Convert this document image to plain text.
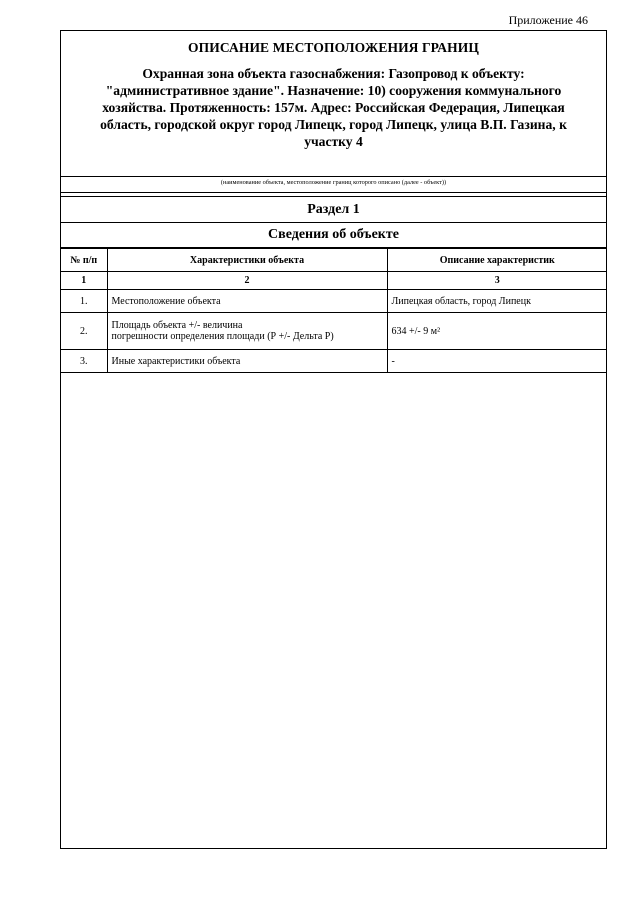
Приложение 46
ОПИСАНИЕ МЕСТОПОЛОЖЕНИЯ ГРАНИЦ
Охранная зона объекта газоснабжения: Газопровод к объекту:
"административное здание". Назначение: 10) сооружения коммунального
хозяйства. Протяженность: 157м. Адрес: Российская Федерация, Липецкая
область, городской округ город Липецк, город Липецк, улица В.П. Газина, к
участку 4
(наименование объекта, местоположение границ которого описано (далее - объект))
Раздел 1
Сведения об объекте
№ п/п	Характеристики объекта	Описание характеристик
1	2	3
1.	Местоположение объекта	Липецкая область, город Липецк
2.	Площадь объекта +/- величина
погрешности определения площади (Р +/- Дельта Р)	634 +/- 9 м²
3.	Иные характеристики объекта	-
